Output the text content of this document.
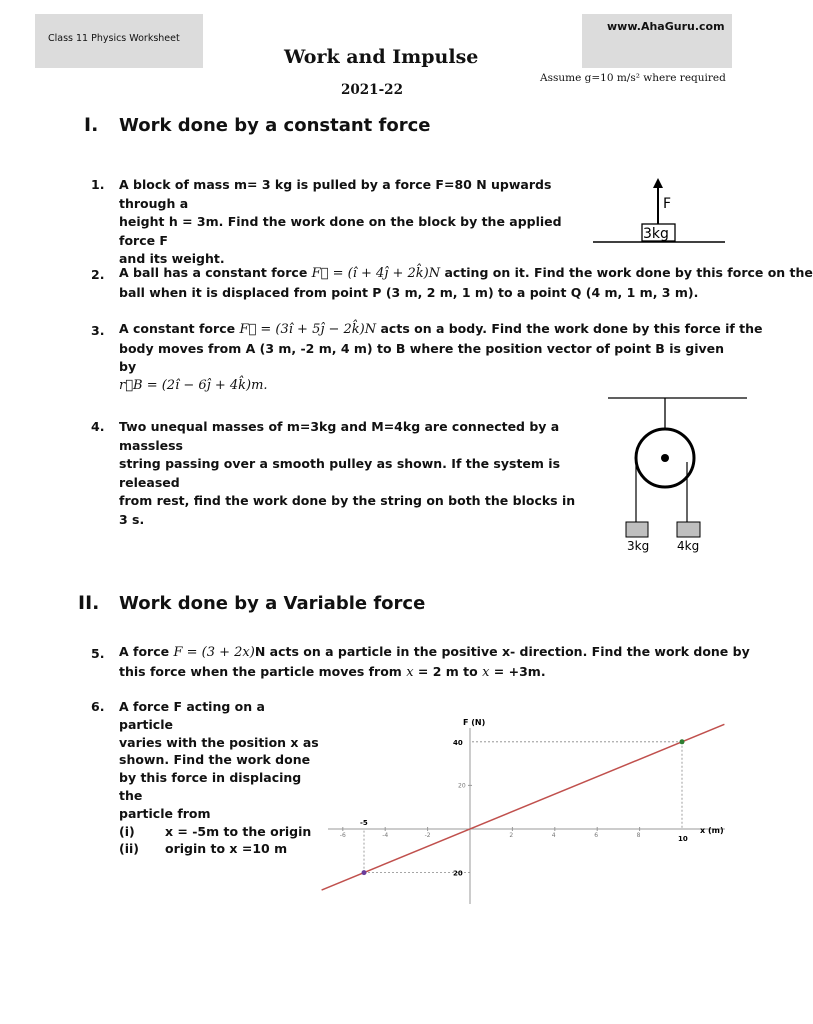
Class 11 Physics Worksheet
www.AhaGuru.com
Work and Impulse
2021-22
Assume g=10 m/s² where required
I. Work done by a constant force
1. A block of mass m= 3 kg is pulled by a force F=80 N upwards through a
height h = 3m. Find the work done on the block by the applied force F
and its weight.
F
3kg
2. A ball has a constant force F⃗ = (î + 4ĵ + 2k̂)N acting on it. Find the work done by this force on the
ball when it is displaced from point P (3 m, 2 m, 1 m) to a point Q (4 m, 1 m, 3 m).
3. A constant force F⃗ = (3î + 5ĵ − 2k̂)N acts on a body. Find the work done by this force if the
body moves from A (3 m, -2 m, 4 m) to B where the position vector of point B is given by
r⃗B = (2î − 6ĵ + 4k̂)m.
4. Two unequal masses of m=3kg and M=4kg are connected by a massless
string passing over a smooth pulley as shown. If the system is released
from rest, find the work done by the string on both the blocks in 3 s.
3kg 4kg
II. Work done by a Variable force
5. A force F = (3 + 2x)N acts on a particle in the positive x- direction. Find the work done by
this force when the particle moves from x = 2 m to x = +3m.
6. A force F acting on a particle
varies with the position x as
shown. Find the work done
by this force in displacing the
particle from
(i) x = -5m to the origin
(ii) origin to x =10 m
F (N)
x (m)
-6	-4	-2	2	4	6	8
20
10
40
-5
20
